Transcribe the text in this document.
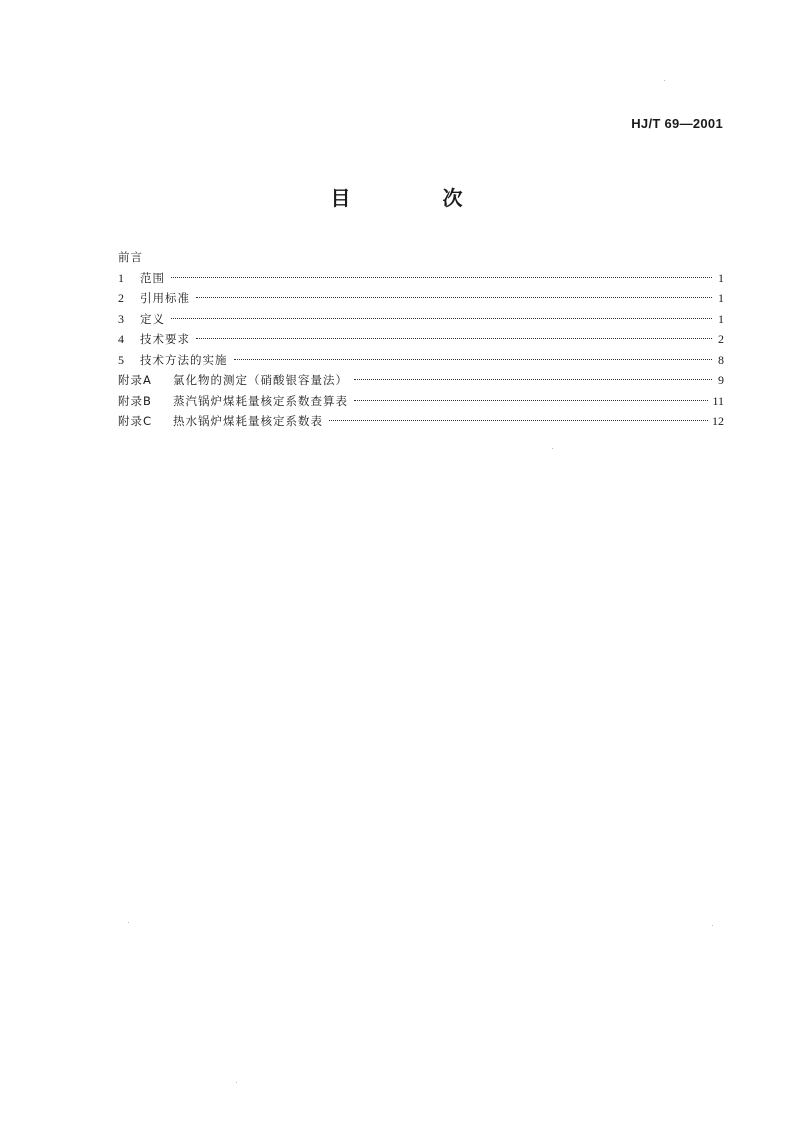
HJ/T 69—2001
目　次
前言
1	范围	1
2	引用标准	1
3	定义	1
4	技术要求	2
5	技术方法的实施	8
附录A	氯化物的测定（硝酸银容量法）	9
附录B	蒸汽锅炉煤耗量核定系数查算表	11
附录C	热水锅炉煤耗量核定系数表	12
